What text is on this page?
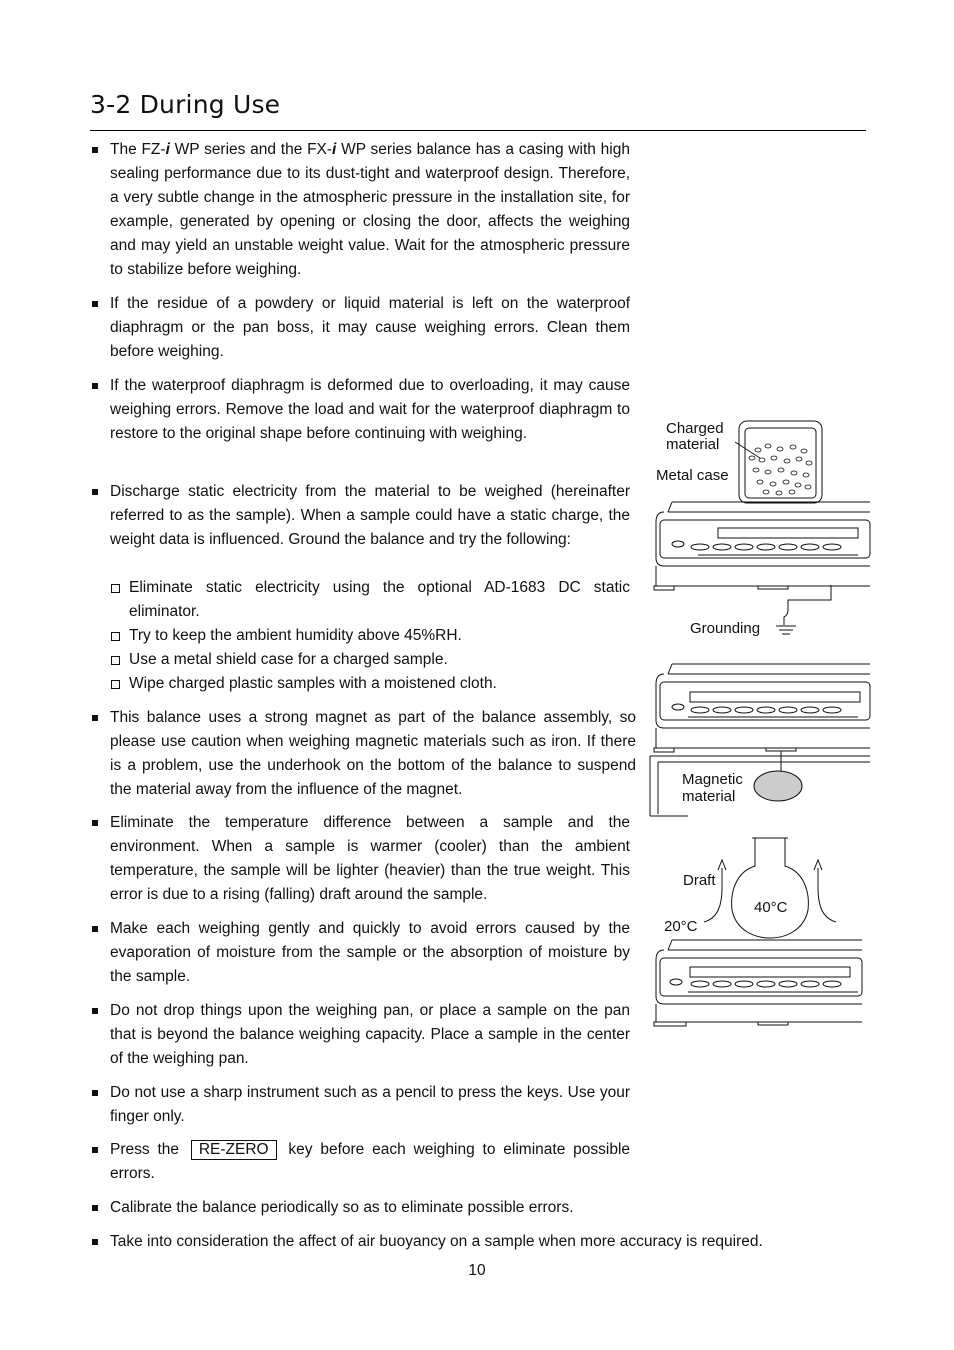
3-2 During Use
The FZ-i WP series and the FX-i WP series balance has a casing with high sealing performance due to its dust-tight and waterproof design. Therefore, a very subtle change in the atmospheric pressure in the installation site, for example, generated by opening or closing the door, affects the weighing and may yield an unstable weight value. Wait for the atmospheric pressure to stabilize before weighing.
If the residue of a powdery or liquid material is left on the waterproof diaphragm or the pan boss, it may cause weighing errors. Clean them before weighing.
If the waterproof diaphragm is deformed due to overloading, it may cause weighing errors. Remove the load and wait for the waterproof diaphragm to restore to the original shape before continuing with weighing.
Discharge static electricity from the material to be weighed (hereinafter referred to as the sample). When a sample could have a static charge, the weight data is influenced. Ground the balance and try the following:
Eliminate static electricity using the optional AD-1683 DC static eliminator.
Try to keep the ambient humidity above 45%RH.
Use a metal shield case for a charged sample.
Wipe charged plastic samples with a moistened cloth.
This balance uses a strong magnet as part of the balance assembly, so please use caution when weighing magnetic materials such as iron. If there is a problem, use the underhook on the bottom of the balance to suspend the material away from the influence of the magnet.
Eliminate the temperature difference between a sample and the environment. When a sample is warmer (cooler) than the ambient temperature, the sample will be lighter (heavier) than the true weight. This error is due to a rising (falling) draft around the sample.
Make each weighing gently and quickly to avoid errors caused by the evaporation of moisture from the sample or the absorption of moisture by the sample.
Do not drop things upon the weighing pan, or place a sample on the pan that is beyond the balance weighing capacity. Place a sample in the center of the weighing pan.
Do not use a sharp instrument such as a pencil to press the keys. Use your finger only.
Press the RE-ZERO key before each weighing to eliminate possible errors.
Calibrate the balance periodically so as to eliminate possible errors.
Take into consideration the affect of air buoyancy on a sample when more accuracy is required.
10
Charged
material
Metal case
Grounding
Magnetic
material
Draft
40°C
20°C
